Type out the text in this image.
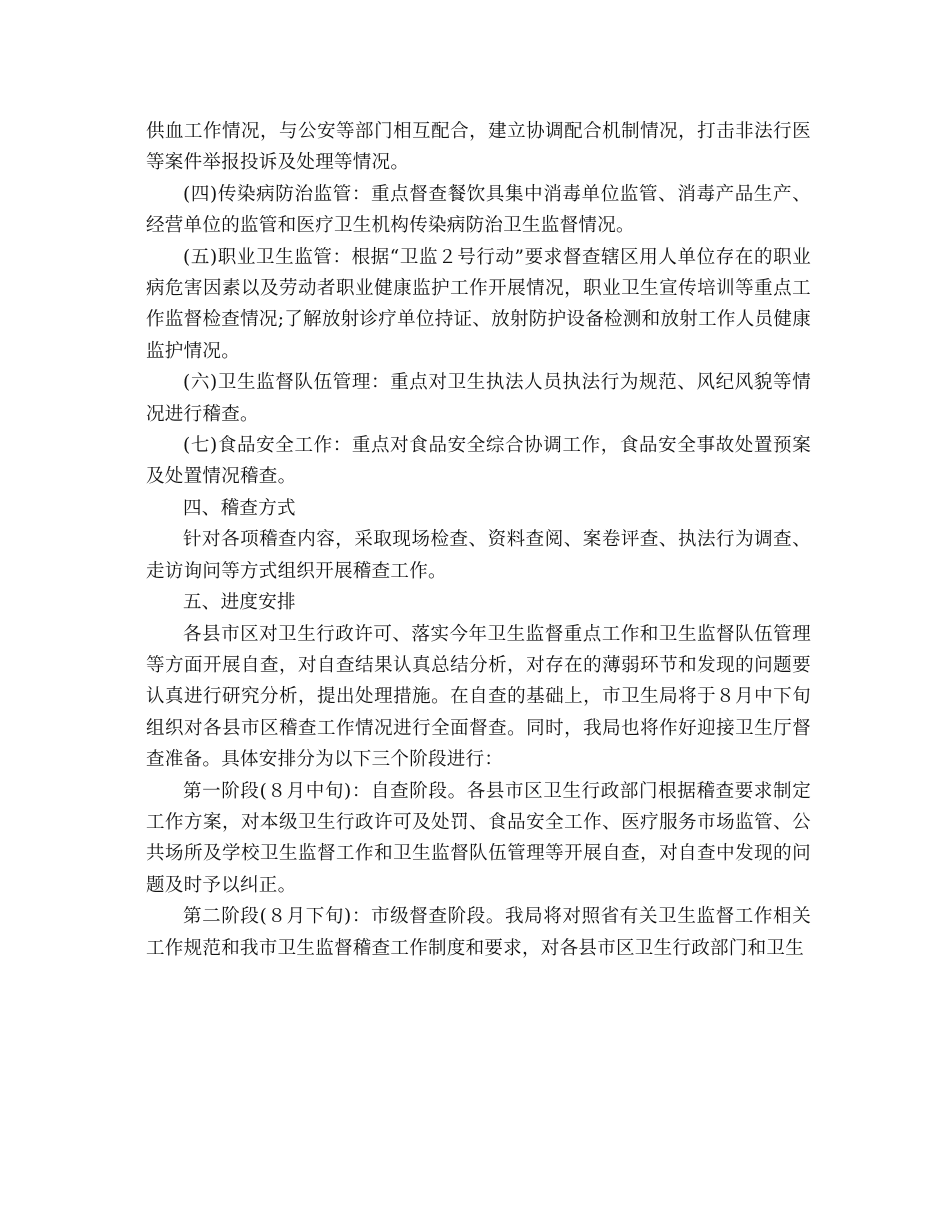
供血工作情况，与公安等部门相互配合，建立协调配合机制情况，打击非法行医等案件举报投诉及处理等情况。

(四)传染病防治监管：重点督查餐饮具集中消毒单位监管、消毒产品生产、经营单位的监管和医疗卫生机构传染病防治卫生监督情况。

(五)职业卫生监管：根据“卫监２号行动”要求督查辖区用人单位存在的职业病危害因素以及劳动者职业健康监护工作开展情况，职业卫生宣传培训等重点工作监督检查情况;了解放射诊疗单位持证、放射防护设备检测和放射工作人员健康监护情况。

(六)卫生监督队伍管理：重点对卫生执法人员执法行为规范、风纪风貌等情况进行稽查。

(七)食品安全工作：重点对食品安全综合协调工作，食品安全事故处置预案及处置情况稽查。

四、稽查方式

针对各项稽查内容，采取现场检查、资料查阅、案卷评查、执法行为调查、走访询问等方式组织开展稽查工作。

五、进度安排

各县市区对卫生行政许可、落实今年卫生监督重点工作和卫生监督队伍管理等方面开展自查，对自查结果认真总结分析，对存在的薄弱环节和发现的问题要认真进行研究分析，提出处理措施。在自查的基础上，市卫生局将于８月中下旬组织对各县市区稽查工作情况进行全面督查。同时，我局也将作好迎接卫生厅督查准备。具体安排分为以下三个阶段进行：

第一阶段(８月中旬)：自查阶段。各县市区卫生行政部门根据稽查要求制定工作方案，对本级卫生行政许可及处罚、食品安全工作、医疗服务市场监管、公共场所及学校卫生监督工作和卫生监督队伍管理等开展自查，对自查中发现的问题及时予以纠正。

第二阶段(８月下旬)：市级督查阶段。我局将对照省有关卫生监督工作相关工作规范和我市卫生监督稽查工作制度和要求，对各县市区卫生行政部门和卫生
